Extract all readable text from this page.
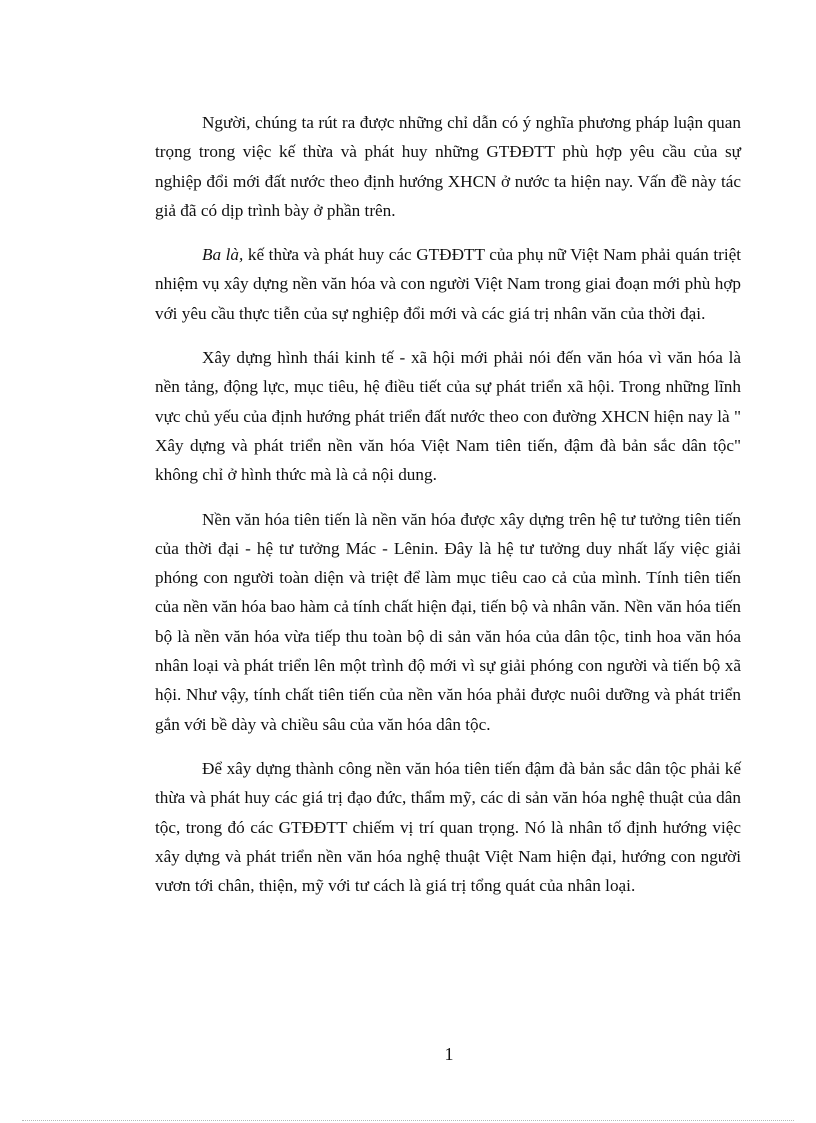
Người, chúng ta rút ra được những chỉ dẫn có ý nghĩa phương pháp luận quan trọng trong việc kế thừa và phát huy những GTĐĐTT phù hợp yêu cầu của sự nghiệp đổi mới đất nước theo định hướng XHCN ở nước ta hiện nay. Vấn đề này tác giả đã có dịp trình bày ở phần trên.

Ba là, kế thừa và phát huy các GTĐĐTT của phụ nữ Việt Nam phải quán triệt nhiệm vụ xây dựng nền văn hóa và con người Việt Nam trong giai đoạn mới phù hợp với yêu cầu thực tiễn của sự nghiệp đổi mới và các giá trị nhân văn của thời đại.

Xây dựng hình thái kinh tế - xã hội mới phải nói đến văn hóa vì văn hóa là nền tảng, động lực, mục tiêu, hệ điều tiết của sự phát triển xã hội. Trong những lĩnh vực chủ yếu của định hướng phát triển đất nước theo con đường XHCN hiện nay là " Xây dựng và phát triển nền văn hóa Việt Nam tiên tiến, đậm đà bản sắc dân tộc" không chỉ ở hình thức mà là cả nội dung.

Nền văn hóa tiên tiến là nền văn hóa được xây dựng trên hệ tư tưởng tiên tiến của thời đại - hệ tư tưởng Mác - Lênin. Đây là hệ tư tưởng duy nhất lấy việc giải phóng con người toàn diện và triệt để làm mục tiêu cao cả của mình. Tính tiên tiến của nền văn hóa bao hàm cả tính chất hiện đại, tiến bộ và nhân văn. Nền văn hóa tiến bộ là nền văn hóa vừa tiếp thu toàn bộ di sản văn hóa của dân tộc, tinh hoa văn hóa nhân loại và phát triển lên một trình độ mới vì sự giải phóng con người và tiến bộ xã hội. Như vậy, tính chất tiên tiến của nền văn hóa phải được nuôi dưỡng và phát triển gắn với bề dày và chiều sâu của văn hóa dân tộc.

Để xây dựng thành công nền văn hóa tiên tiến đậm đà bản sắc dân tộc phải kế thừa và phát huy các giá trị đạo đức, thẩm mỹ, các di sản văn hóa nghệ thuật của dân tộc, trong đó các GTĐĐTT chiếm vị trí quan trọng. Nó là nhân tố định hướng việc xây dựng và phát triển nền văn hóa nghệ thuật Việt Nam hiện đại, hướng con người vươn tới chân, thiện, mỹ với tư cách là giá trị tổng quát của nhân loại.

1
